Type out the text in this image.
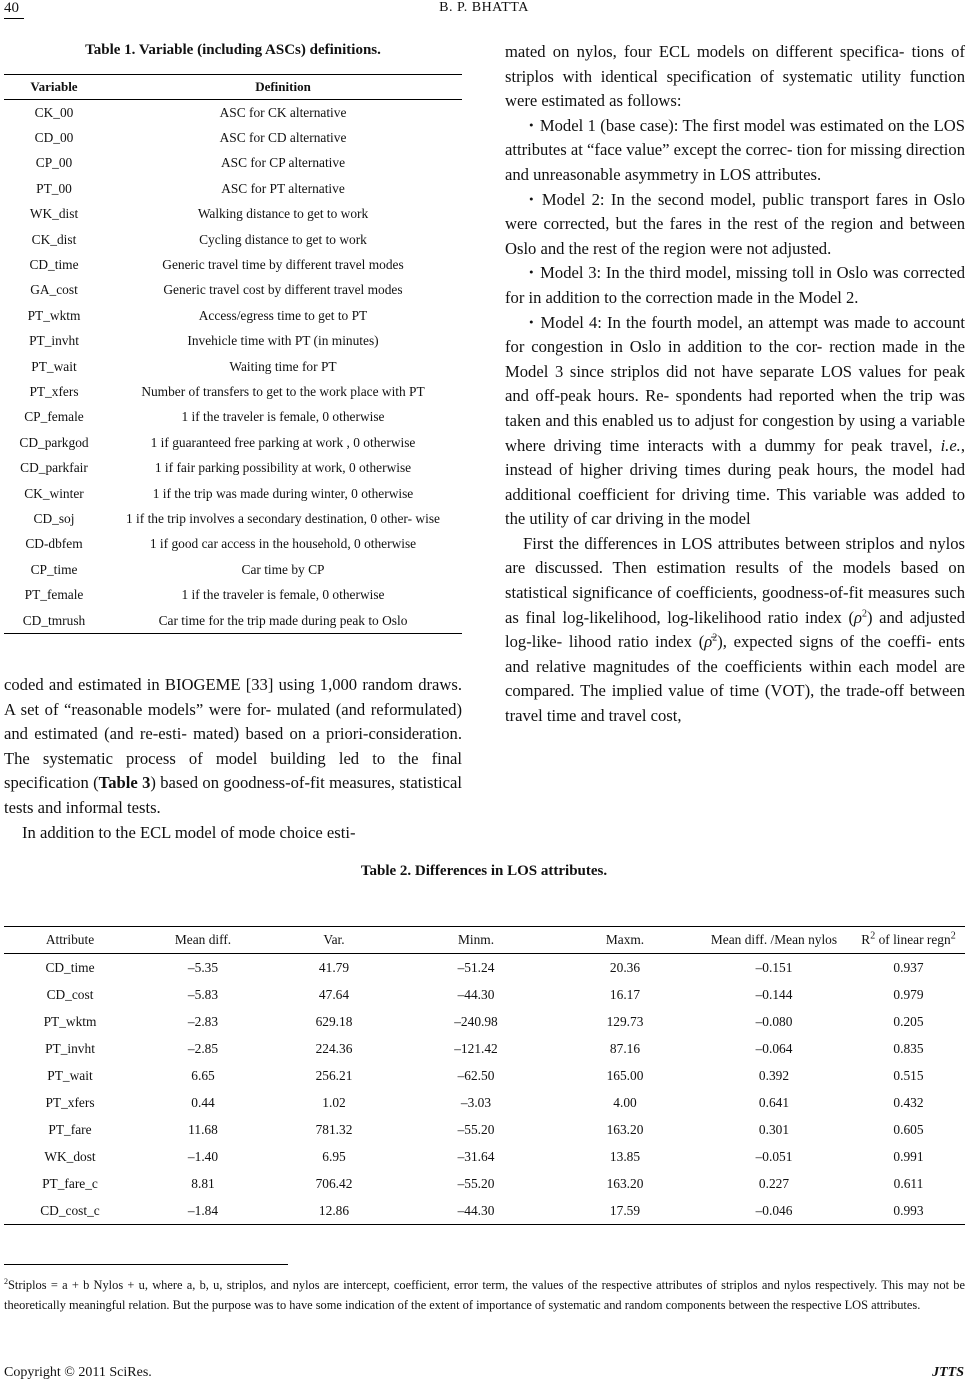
40	B. P. BHATTA
Table 1. Variable (including ASCs) definitions.
Variable	Definition
CK_00	ASC for CK alternative
CD_00	ASC for CD alternative
CP_00	ASC for CP alternative
PT_00	ASC for PT alternative
WK_dist	Walking distance to get to work
CK_dist	Cycling distance to get to work
CD_time	Generic travel time by different travel modes
GA_cost	Generic travel cost by different travel modes
PT_wktm	Access/egress time to get to PT
PT_invht	Invehicle time with PT (in minutes)
PT_wait	Waiting time for PT
PT_xfers	Number of transfers to get to the work place with PT
CP_female	1 if the traveler is female, 0 otherwise
CD_parkgod	1 if guaranteed free parking at work , 0 otherwise
CD_parkfair	1 if fair parking possibility at work, 0 otherwise
CK_winter	1 if the trip was made during winter, 0 otherwise
CD_soj	1 if the trip involves a secondary destination, 0 other- wise
CD-dbfem	1 if good car access in the household, 0 otherwise
CP_time	Car time by CP
PT_female	1 if the traveler is female, 0 otherwise
CD_tmrush	Car time for the trip made during peak to Oslo

coded and estimated in BIOGEME [33] using 1,000 random draws. A set of “reasonable models” were for- mulated (and reformulated) and estimated (and re-esti- mated) based on a priori-consideration. The systematic process of model building led to the final specification (Table 3) based on goodness-of-fit measures, statistical tests and informal tests.

In addition to the ECL model of mode choice esti-

mated on nylos, four ECL models on different specifica- tions of striplos with identical specification of systematic utility function were estimated as follows:

・Model 1 (base case): The first model was estimated on the LOS attributes at “face value” except the correc- tion for missing direction and unreasonable asymmetry in LOS attributes.

・Model 2: In the second model, public transport fares in Oslo were corrected, but the fares in the rest of the region and between Oslo and the rest of the region were not adjusted.

・Model 3: In the third model, missing toll in Oslo was corrected for in addition to the correction made in the Model 2.

・Model 4: In the fourth model, an attempt was made to account for congestion in Oslo in addition to the cor- rection made in the Model 3 since striplos did not have separate LOS values for peak and off-peak hours. Re- spondents had reported when the trip was taken and this enabled us to adjust for congestion by using a variable where driving time interacts with a dummy for peak travel, i.e., instead of higher driving times during peak hours, the model had additional coefficient for driving time. This variable was added to the utility of car driving in the model

First the differences in LOS attributes between striplos and nylos are discussed. Then estimation results of the models based on statistical significance of coefficients, goodness-of-fit measures such as final log-likelihood, log-likelihood ratio index $(\rho^2)$ and adjusted log-like- lihood ratio index (ρ̄$^2$), expected signs of the coeffi- ents and relative magnitudes of the coefficients within each model are compared. The implied value of time (VOT), the trade-off between travel time and travel cost,

Table 2. Differences in LOS attributes.
Attribute	Mean diff.	Var.	Minm.	Maxm.	Mean diff. /Mean nylos	$R^2$ of linear regn$^2$
CD_time	–5.35	41.79	–51.24	20.36	–0.151	0.937
CD_cost	–5.83	47.64	–44.30	16.17	–0.144	0.979
PT_wktm	–2.83	629.18	–240.98	129.73	–0.080	0.205
PT_invht	–2.85	224.36	–121.42	87.16	–0.064	0.835
PT_wait	6.65	256.21	–62.50	165.00	0.392	0.515
PT_xfers	0.44	1.02	–3.03	4.00	0.641	0.432
PT_fare	11.68	781.32	–55.20	163.20	0.301	0.605
WK_dost	–1.40	6.95	–31.64	13.85	–0.051	0.991
PT_fare_c	8.81	706.42	–55.20	163.20	0.227	0.611
CD_cost_c	–1.84	12.86	–44.30	17.59	–0.046	0.993
$^2$Striplos = a + b Nylos + u, where a, b, u, striplos, and nylos are intercept, coefficient, error term, the values of the respective attributes of striplos and nylos respectively. This may not be theoretically meaningful relation. But the purpose was to have some indication of the extent of importance of systematic and random components between the respective LOS attributes.
Copyright © 2011 SciRes.	JTTS
